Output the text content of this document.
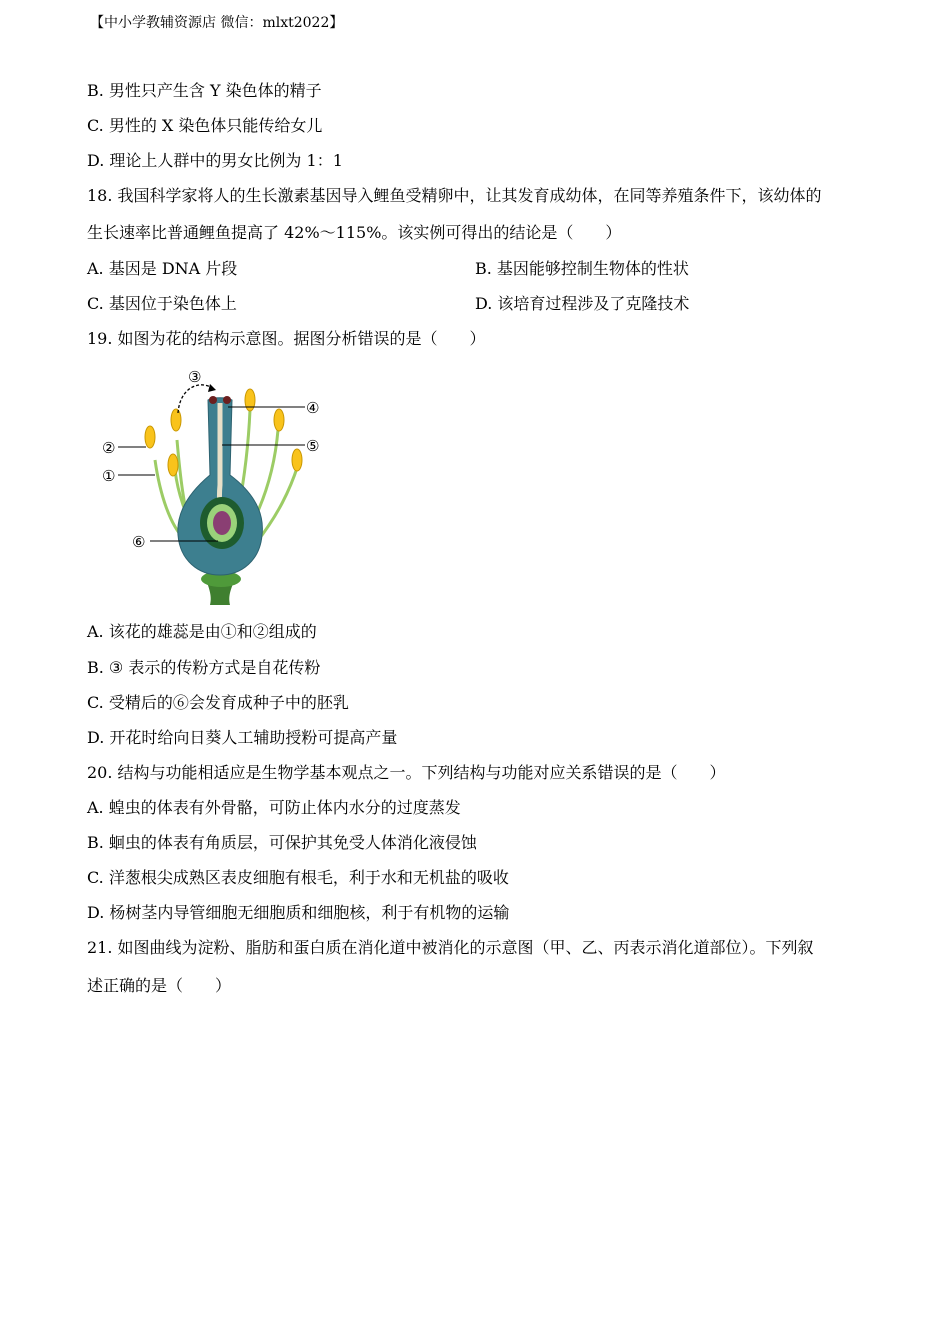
【中小学教辅资源店 微信：mlxt2022】
B. 男性只产生含 Y 染色体的精子
C. 男性的 X 染色体只能传给女儿
D. 理论上人群中的男女比例为 1：1
18. 我国科学家将人的生长激素基因导入鲤鱼受精卵中，让其发育成幼体，在同等养殖条件下，该幼体的
生长速率比普通鲤鱼提高了 42%～115%。该实例可得出的结论是（　　）
A. 基因是 DNA 片段	B. 基因能够控制生物体的性状
C. 基因位于染色体上	D. 该培育过程涉及了克隆技术
19. 如图为花的结构示意图。据图分析错误的是（　　）
③
④
⑤
②
①
⑥
A. 该花的雄蕊是由①和②组成的
B. ③ 表示的传粉方式是自花传粉
C. 受精后的⑥会发育成种子中的胚乳
D. 开花时给向日葵人工辅助授粉可提高产量
20. 结构与功能相适应是生物学基本观点之一。下列结构与功能对应关系错误的是（　　）
A. 蝗虫的体表有外骨骼，可防止体内水分的过度蒸发
B. 蛔虫的体表有角质层，可保护其免受人体消化液侵蚀
C. 洋葱根尖成熟区表皮细胞有根毛，利于水和无机盐的吸收
D. 杨树茎内导管细胞无细胞质和细胞核，利于有机物的运输
21. 如图曲线为淀粉、脂肪和蛋白质在消化道中被消化的示意图（甲、乙、丙表示消化道部位）。下列叙
述正确的是（　　）
